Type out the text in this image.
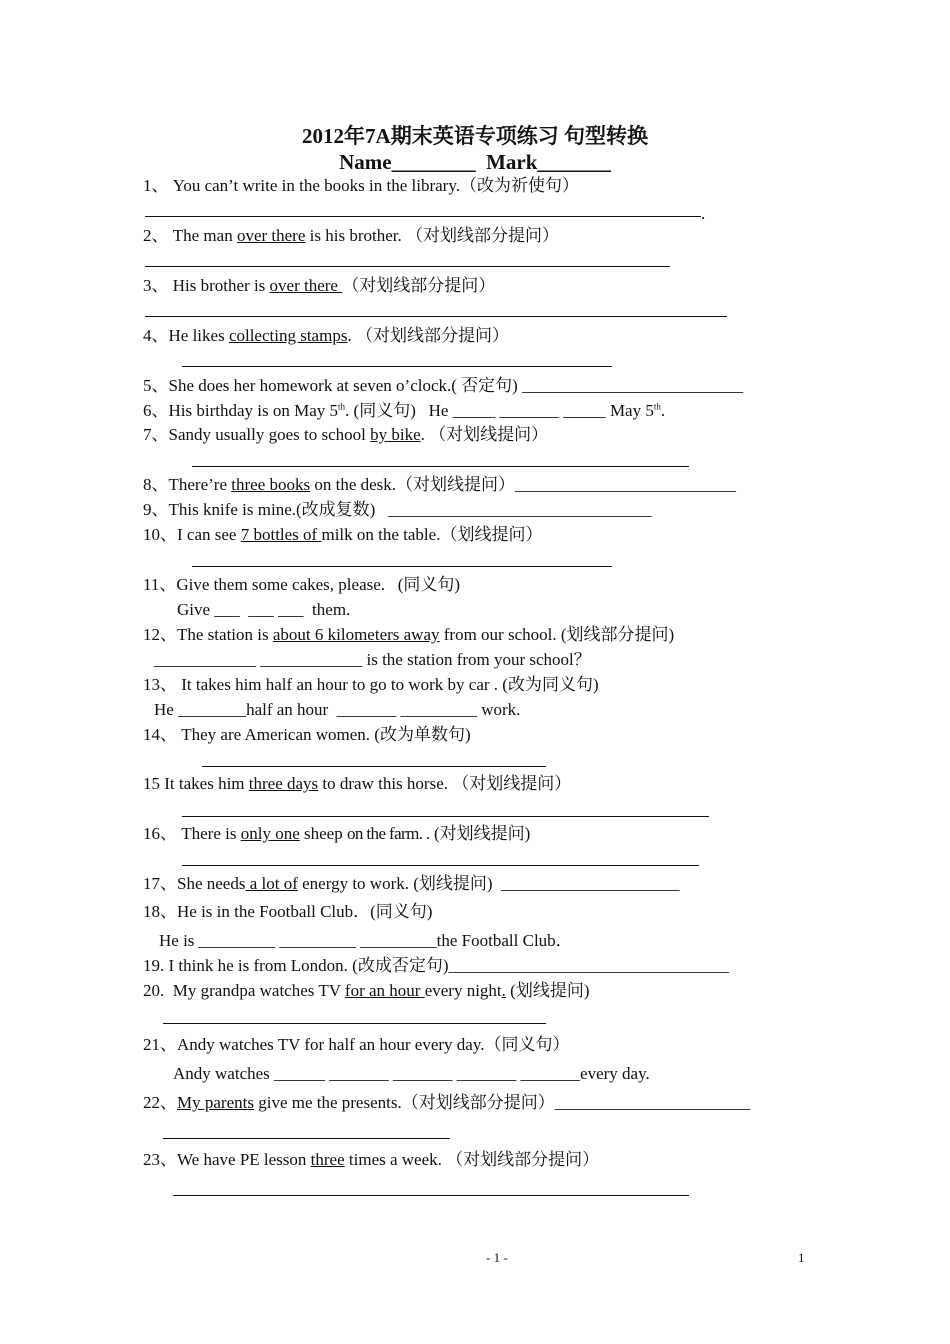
2012年7A期末英语专项练习 句型转换
Name________ Mark_______
1、 You can’t write in the books in the library.（改为祈使句）
.
2、 The man over there is his brother. （对划线部分提问）
3、 His brother is over there （对划线部分提问）
4、He likes collecting stamps. （对划线部分提问）
5、She does her homework at seven o’clock.( 否定句) __________________________
6、His birthday is on May 5th. (同义句)   He _____ _______ _____ May 5th.
7、Sandy usually goes to school by bike. （对划线提问）
8、There’re three books on the desk.（对划线提问）__________________________
9、This knife is mine.(改成复数)   _______________________________
10、I can see 7 bottles of milk on the table.（划线提问）
11、Give them some cakes, please.   (同义句)
Give ___  ___ ___  them.
12、The station is about 6 kilometers away from our school. (划线部分提问)
____________ ____________ is the station from your school？
13、 It takes him half an hour to go to work by car . (改为同义句)
He ________half an hour  _______ _________ work.
14、 They are American women. (改为单数句)
15 It takes him three days to draw this horse. （对划线提问）
16、 There is only one sheep on the farm. . (对划线提问)
17、She needs a lot of energy to work. (划线提问)  _____________________
18、He is in the Football Club．(同义句)
He is _________ _________ _________the Football Club．
19. I think he is from London. (改成否定句)_________________________________
20.  My grandpa watches TV for an hour every night. (划线提问)
21、Andy watches TV for half an hour every day.（同义句）
Andy watches ______ _______ _______ _______ _______every day.
22、My parents give me the presents.（对划线部分提问）_______________________
23、We have PE lesson three times a week. （对划线部分提问）
- 1 -	1
